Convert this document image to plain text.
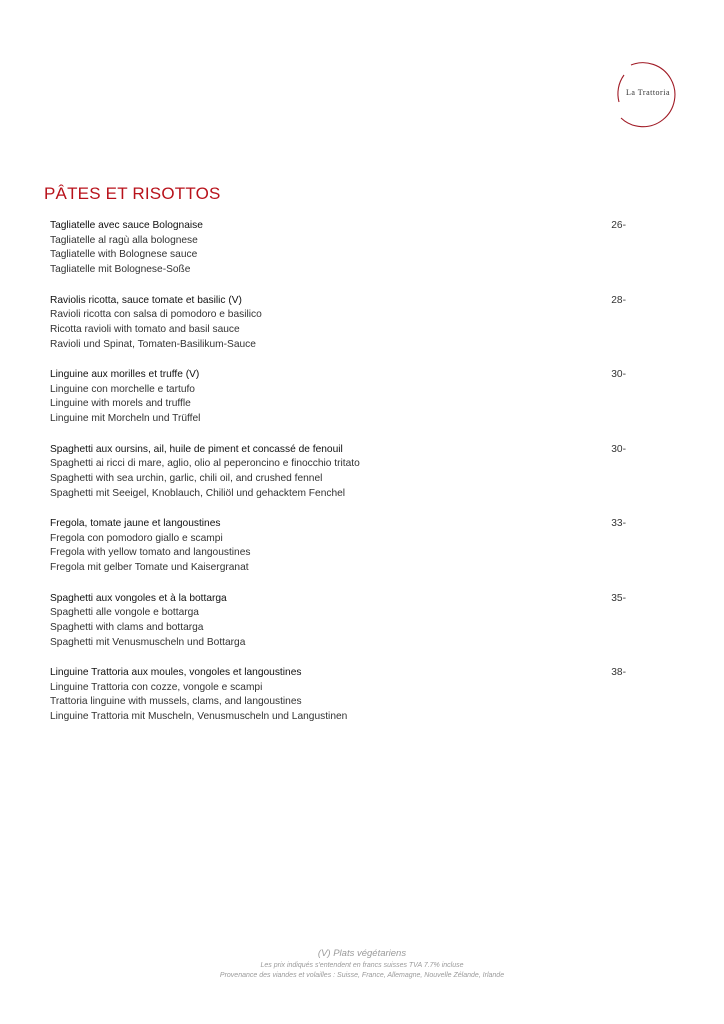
La Trattoria
PÂTES ET RISOTTOS
Tagliatelle avec sauce Bolognaise
Tagliatelle al ragù alla bolognese
Tagliatelle with Bolognese sauce
Tagliatelle mit Bolognese-Soße
26-
Raviolis ricotta, sauce tomate et basilic (V)
Ravioli ricotta con salsa di pomodoro e basilico
Ricotta ravioli with tomato and basil sauce
Ravioli und Spinat, Tomaten-Basilikum-Sauce
28-
Linguine aux morilles et truffe (V)
Linguine con morchelle e tartufo
Linguine with morels and truffle
Linguine mit Morcheln und Trüffel
30-
Spaghetti aux oursins, ail, huile de piment et concassé de fenouil
Spaghetti ai ricci di mare, aglio, olio al peperoncino e finocchio tritato
Spaghetti with sea urchin, garlic, chili oil, and crushed fennel
Spaghetti mit Seeigel, Knoblauch, Chiliöl und gehacktem Fenchel
30-
Fregola, tomate jaune et langoustines
Fregola con pomodoro giallo e scampi
Fregola with yellow tomato and langoustines
Fregola mit gelber Tomate und Kaisergranat
33-
Spaghetti aux vongoles et à la bottarga
Spaghetti alle vongole e bottarga
Spaghetti with clams and bottarga
Spaghetti mit Venusmuscheln und Bottarga
35-
Linguine Trattoria aux moules, vongoles et langoustines
Linguine Trattoria con cozze, vongole e scampi
Trattoria linguine with mussels, clams, and langoustines
Linguine Trattoria mit Muscheln, Venusmuscheln und Langustinen
38-
(V) Plats végétariens
Les prix indiqués s'entendent en francs suisses TVA 7.7% incluse
Provenance des viandes et volailles : Suisse, France, Allemagne, Nouvelle Zélande, Irlande
